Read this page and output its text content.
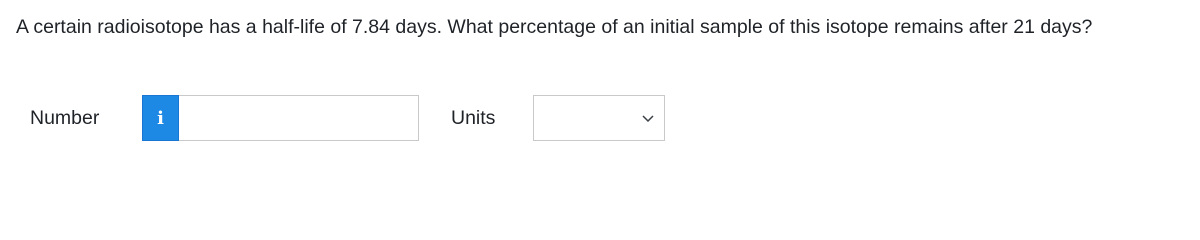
A certain radioisotope has a half-life of 7.84 days. What percentage of an initial sample of this isotope remains after 21 days?

Number	i	Units
